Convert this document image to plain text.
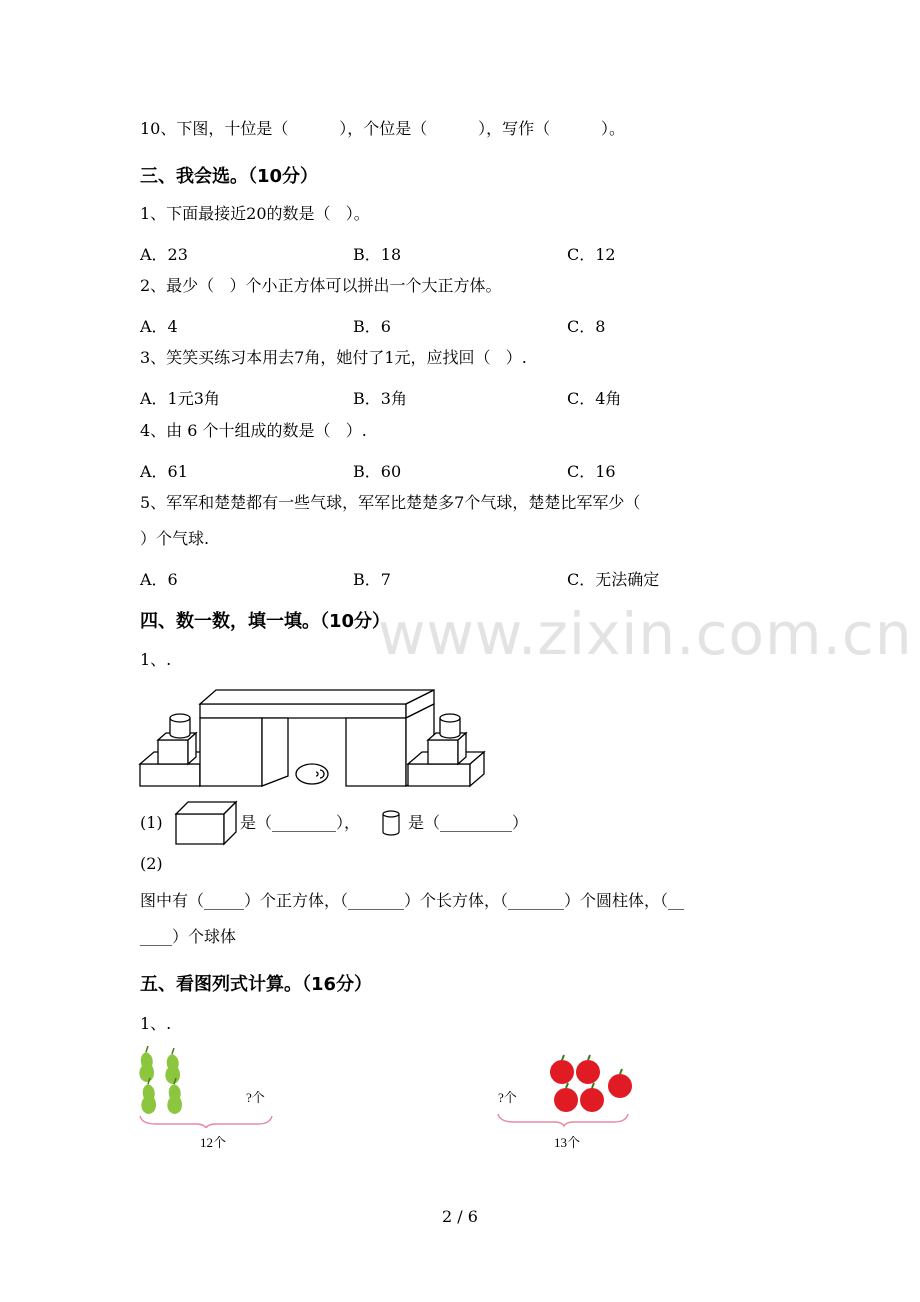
10、下图，十位是（          ），个位是（          ），写作（          ）。
三、我会选。（10分）
1、下面最接近20的数是（   ）。
A．23	B．18	C．12
2、最少（   ）个小正方体可以拼出一个大正方体。
A．4	B．6	C．8
3、笑笑买练习本用去7角，她付了1元，应找回（   ）.
A．1元3角	B．3角	C．4角
4、由 6 个十组成的数是（   ）.
A．61	B．60	C．16
5、军军和楚楚都有一些气球，军军比楚楚多7个气球，楚楚比军军少（
）个气球.
A．6	B．7	C．无法确定
四、数一数，填一填。（10分）
www.zixin.com.cn
1、.
(1)	是（________），	是（_________）
(2)
图中有（_____）个正方体，（_______）个长方体，（_______）个圆柱体，（__
____）个球体
五、看图列式计算。（16分）
1、.
?个
12个
?个
13个
2 / 6
